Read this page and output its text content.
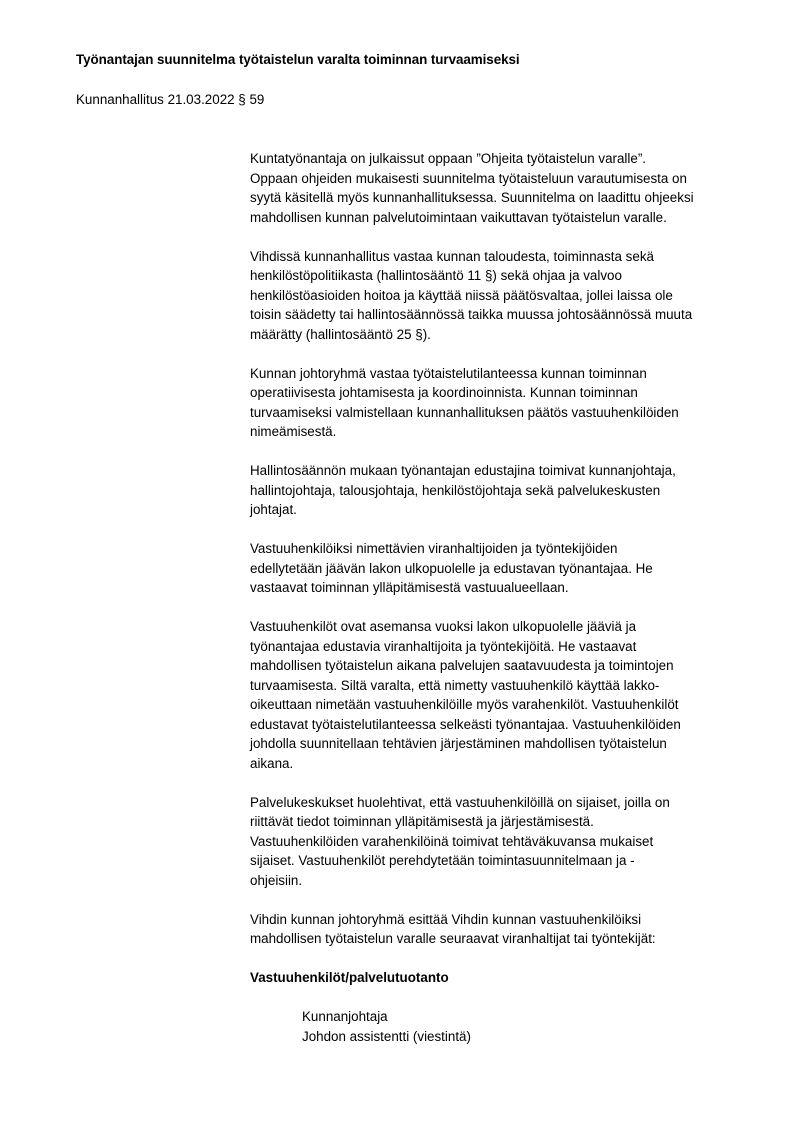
Työnantajan suunnitelma työtaistelun varalta toiminnan turvaamiseksi
Kunnanhallitus 21.03.2022 § 59

Kuntatyönantaja on julkaissut oppaan ”Ohjeita työtaistelun varalle”.
Oppaan ohjeiden mukaisesti suunnitelma työtaisteluun varautumisesta on
syytä käsitellä myös kunnanhallituksessa. Suunnitelma on laadittu ohjeeksi
mahdollisen kunnan palvelutoimintaan vaikuttavan työtaistelun varalle.

Vihdissä kunnanhallitus vastaa kunnan taloudesta, toiminnasta sekä
henkilöstöpolitiikasta (hallintosääntö 11 §) sekä ohjaa ja valvoo
henkilöstöasioiden hoitoa ja käyttää niissä päätösvaltaa, jollei laissa ole
toisin säädetty tai hallintosäännössä taikka muussa johtosäännössä muuta
määrätty (hallintosääntö 25 §).

Kunnan johtoryhmä vastaa työtaistelutilanteessa kunnan toiminnan
operatiivisesta johtamisesta ja koordinoinnista. Kunnan toiminnan
turvaamiseksi valmistellaan kunnanhallituksen päätös vastuuhenkilöiden
nimeämisestä.

Hallintosäännön mukaan työnantajan edustajina toimivat kunnanjohtaja,
hallintojohtaja, talousjohtaja, henkilöstöjohtaja sekä palvelukeskusten
johtajat.

Vastuuhenkilöiksi nimettävien viranhaltijoiden ja työntekijöiden
edellytetään jäävän lakon ulkopuolelle ja edustavan työnantajaa. He
vastaavat toiminnan ylläpitämisestä vastuualueellaan.

Vastuuhenkilöt ovat asemansa vuoksi lakon ulkopuolelle jääviä ja
työnantajaa edustavia viranhaltijoita ja työntekijöitä. He vastaavat
mahdollisen työtaistelun aikana palvelujen saatavuudesta ja toimintojen
turvaamisesta. Siltä varalta, että nimetty vastuuhenkilö käyttää lakko-
oikeuttaan nimetään vastuuhenkilöille myös varahenkilöt. Vastuuhenkilöt
edustavat työtaistelutilanteessa selkeästi työnantajaa. Vastuuhenkilöiden
johdolla suunnitellaan tehtävien järjestäminen mahdollisen työtaistelun
aikana.

Palvelukeskukset huolehtivat, että vastuuhenkilöillä on sijaiset, joilla on
riittävät tiedot toiminnan ylläpitämisestä ja järjestämisestä.
Vastuuhenkilöiden varahenkilöinä toimivat tehtäväkuvansa mukaiset
sijaiset. Vastuuhenkilöt perehdytetään toimintasuunnitelmaan ja -
ohjeisiin.

Vihdin kunnan johtoryhmä esittää Vihdin kunnan vastuuhenkilöiksi
mahdollisen työtaistelun varalle seuraavat viranhaltijat tai työntekijät:

Vastuuhenkilöt/palvelutuotanto
Kunnanjohtaja
Johdon assistentti (viestintä)
